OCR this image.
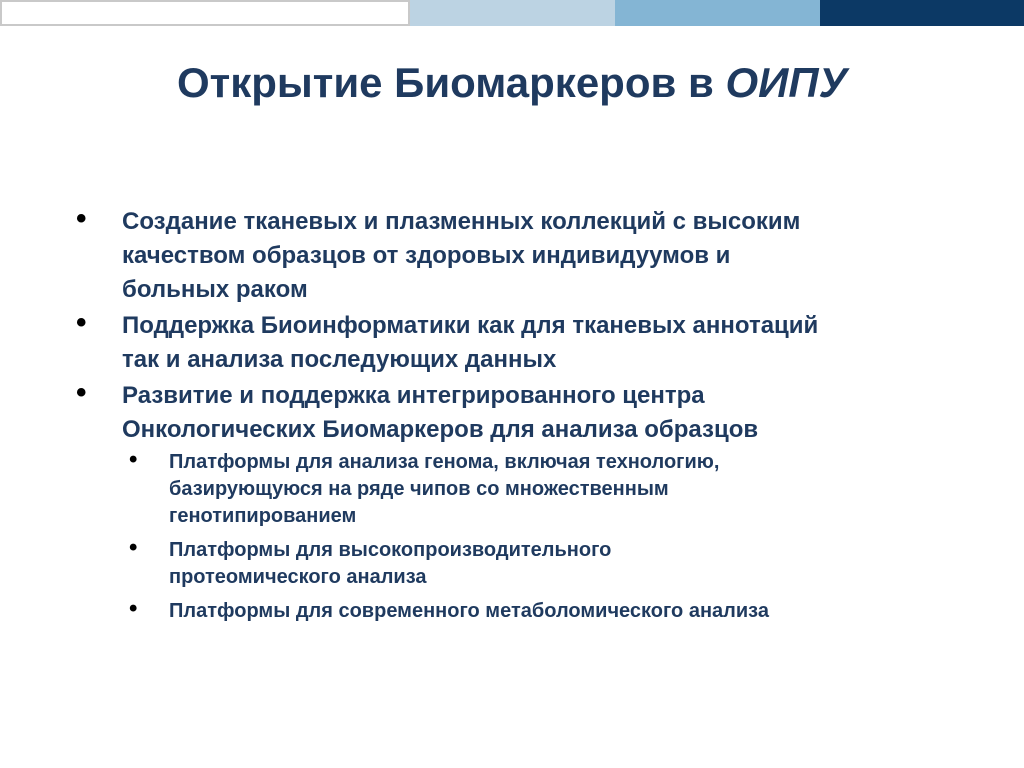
Открытие Биомаркеров в ОИПУ
• Создание тканевых и плазменных коллекций с высоким
качеством образцов от здоровых индивидуумов и
больных раком
• Поддержка Биоинформатики как для тканевых аннотаций
так и анализа последующих данных
• Развитие и поддержка интегрированного центра
Онкологических Биомаркеров для анализа образцов
• Платформы для анализа генома, включая технологию,
базирующуюся на ряде чипов со множественным
генотипированием
• Платформы для высокопроизводительного
протеомического анализа
• Платформы для современного метаболомического анализа
